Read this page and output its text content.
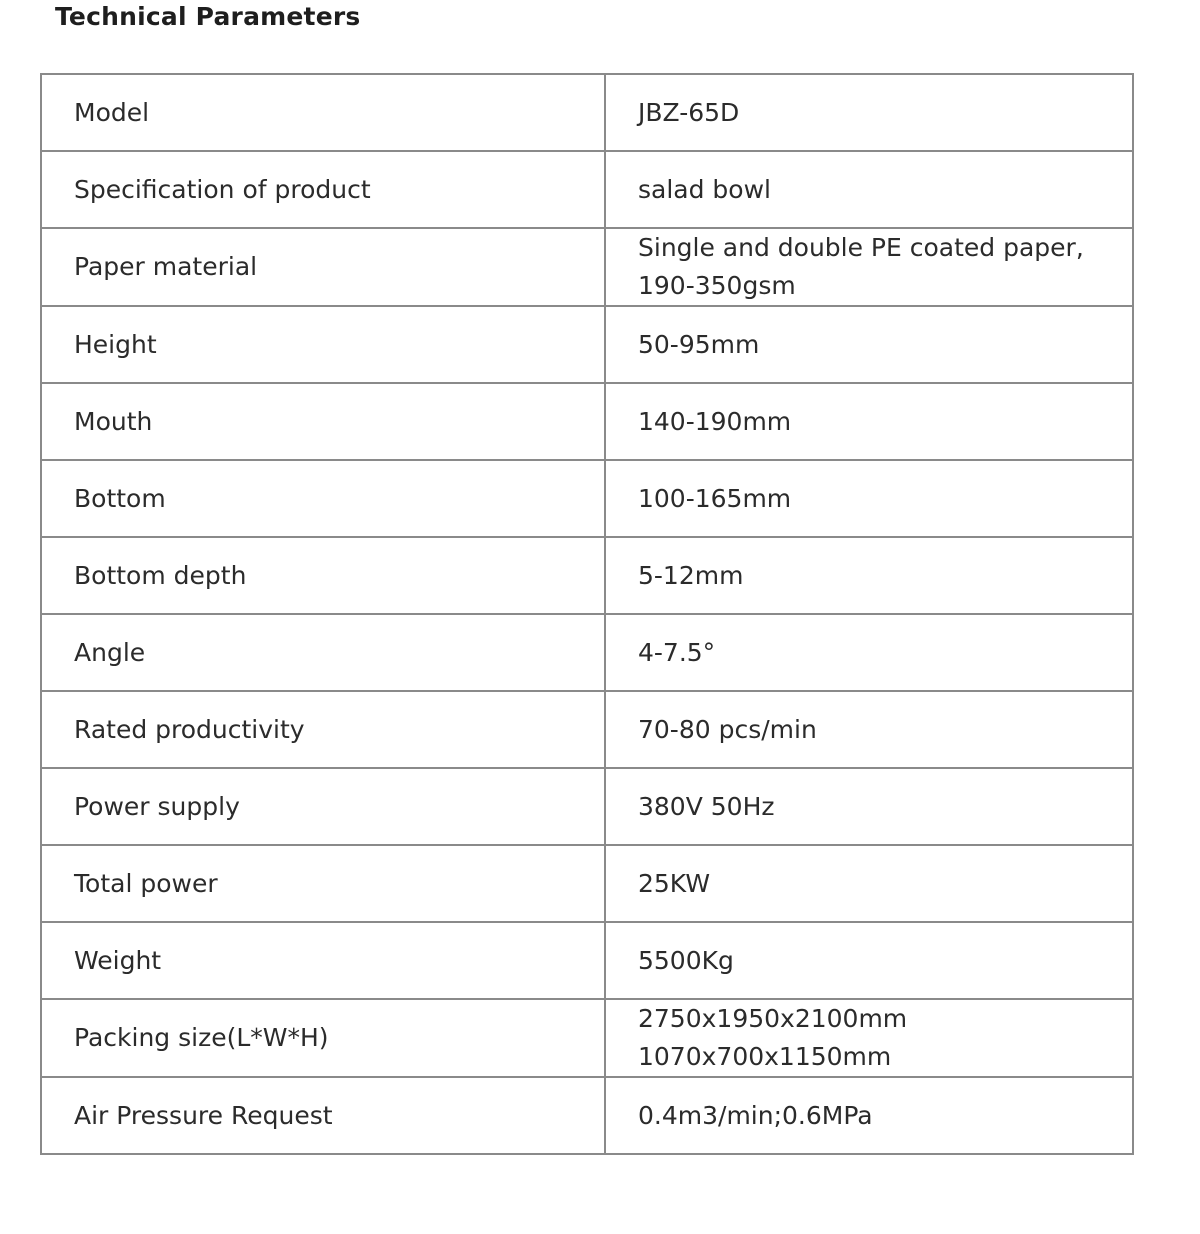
Technical Parameters
Model	JBZ-65D

Specification of product	salad bowl

Paper material	Single and double PE coated paper,
190-350gsm

Height	50-95mm

Mouth	140-190mm

Bottom	100-165mm

Bottom depth	5-12mm

Angle	4-7.5°

Rated productivity	70-80 pcs/min

Power supply	380V 50Hz

Total power	25KW

Weight	5500Kg

Packing size(L*W*H)	2750x1950x2100mm
1070x700x1150mm

Air Pressure Request	0.4m3/min;0.6MPa
